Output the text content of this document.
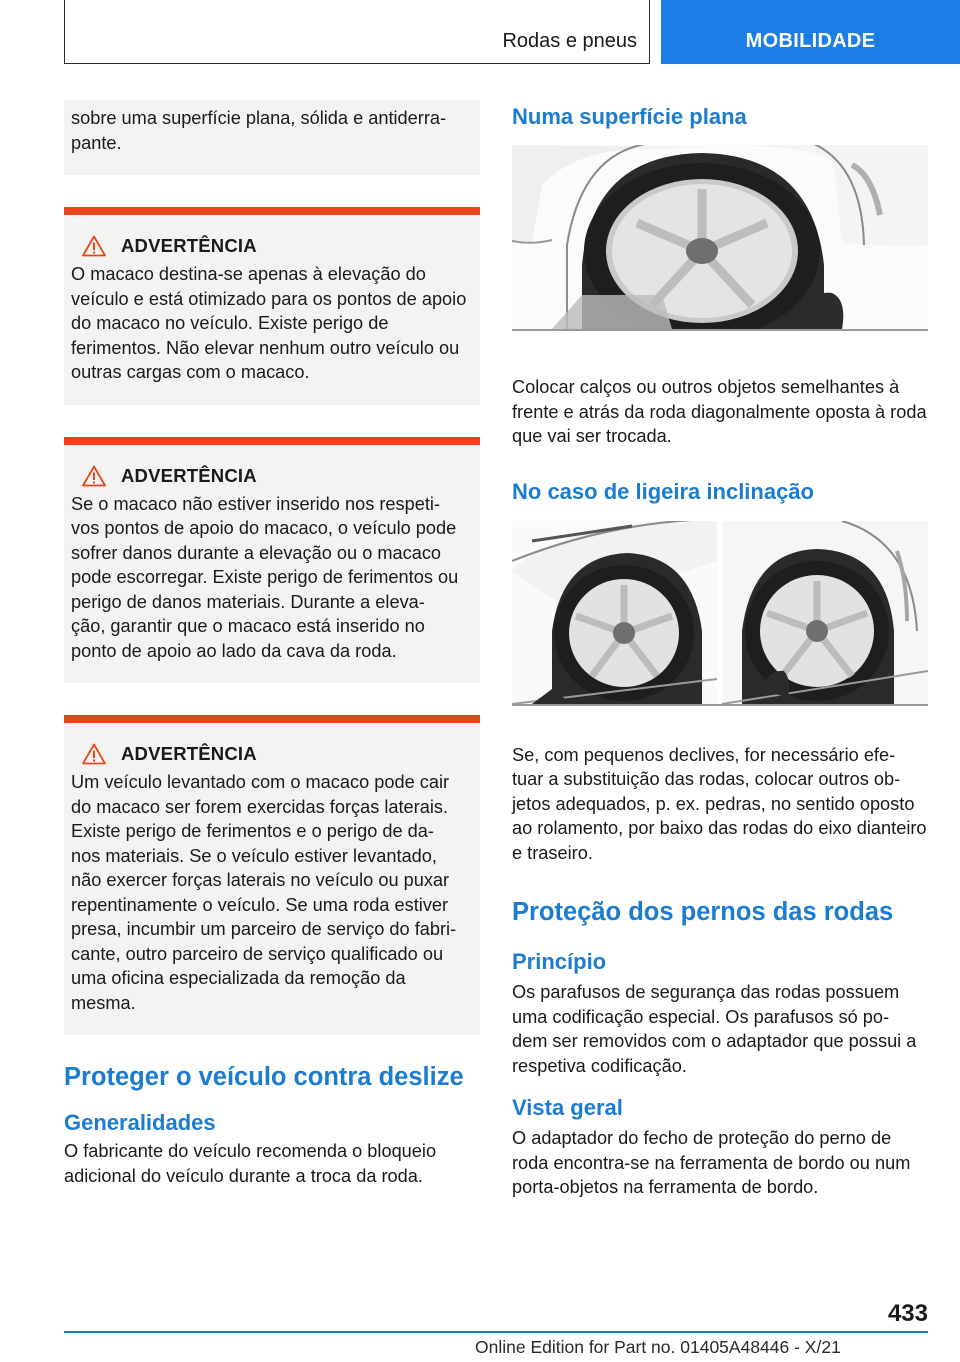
Rodas e pneus	MOBILIDADE

sobre uma superfície plana, sólida e antiderra-
pante.

ADVERTÊNCIA

O macaco destina-se apenas à elevação do veículo e está otimizado para os pontos de apoio do macaco no veículo. Existe perigo de ferimentos. Não elevar nenhum outro veículo ou outras cargas com o macaco.

ADVERTÊNCIA

Se o macaco não estiver inserido nos respeti-
vos pontos de apoio do macaco, o veículo pode sofrer danos durante a elevação ou o macaco pode escorregar. Existe perigo de ferimentos ou perigo de danos materiais. Durante a eleva-
ção, garantir que o macaco está inserido no ponto de apoio ao lado da cava da roda.

ADVERTÊNCIA

Um veículo levantado com o macaco pode cair do macaco ser forem exercidas forças laterais. Existe perigo de ferimentos e o perigo de da-
nos materiais. Se o veículo estiver levantado, não exercer forças laterais no veículo ou puxar repentinamente o veículo. Se uma roda estiver presa, incumbir um parceiro de serviço do fabri-
cante, outro parceiro de serviço qualificado ou uma oficina especializada da remoção da mesma.

Proteger o veículo contra deslize
Generalidades

O fabricante do veículo recomenda o bloqueio adicional do veículo durante a troca da roda.

Numa superfície plana

Colocar calços ou outros objetos semelhantes à frente e atrás da roda diagonalmente oposta à roda que vai ser trocada.

No caso de ligeira inclinação

Se, com pequenos declives, for necessário efe-
tuar a substituição das rodas, colocar outros ob-
jetos adequados, p. ex. pedras, no sentido oposto ao rolamento, por baixo das rodas do eixo dianteiro e traseiro.

Proteção dos pernos das rodas
Princípio

Os parafusos de segurança das rodas possuem uma codificação especial. Os parafusos só po-
dem ser removidos com o adaptador que possui a respetiva codificação.

Vista geral

O adaptador do fecho de proteção do perno de roda encontra-se na ferramenta de bordo ou num porta-objetos na ferramenta de bordo.

433
Online Edition for Part no. 01405A48446 - X/21
